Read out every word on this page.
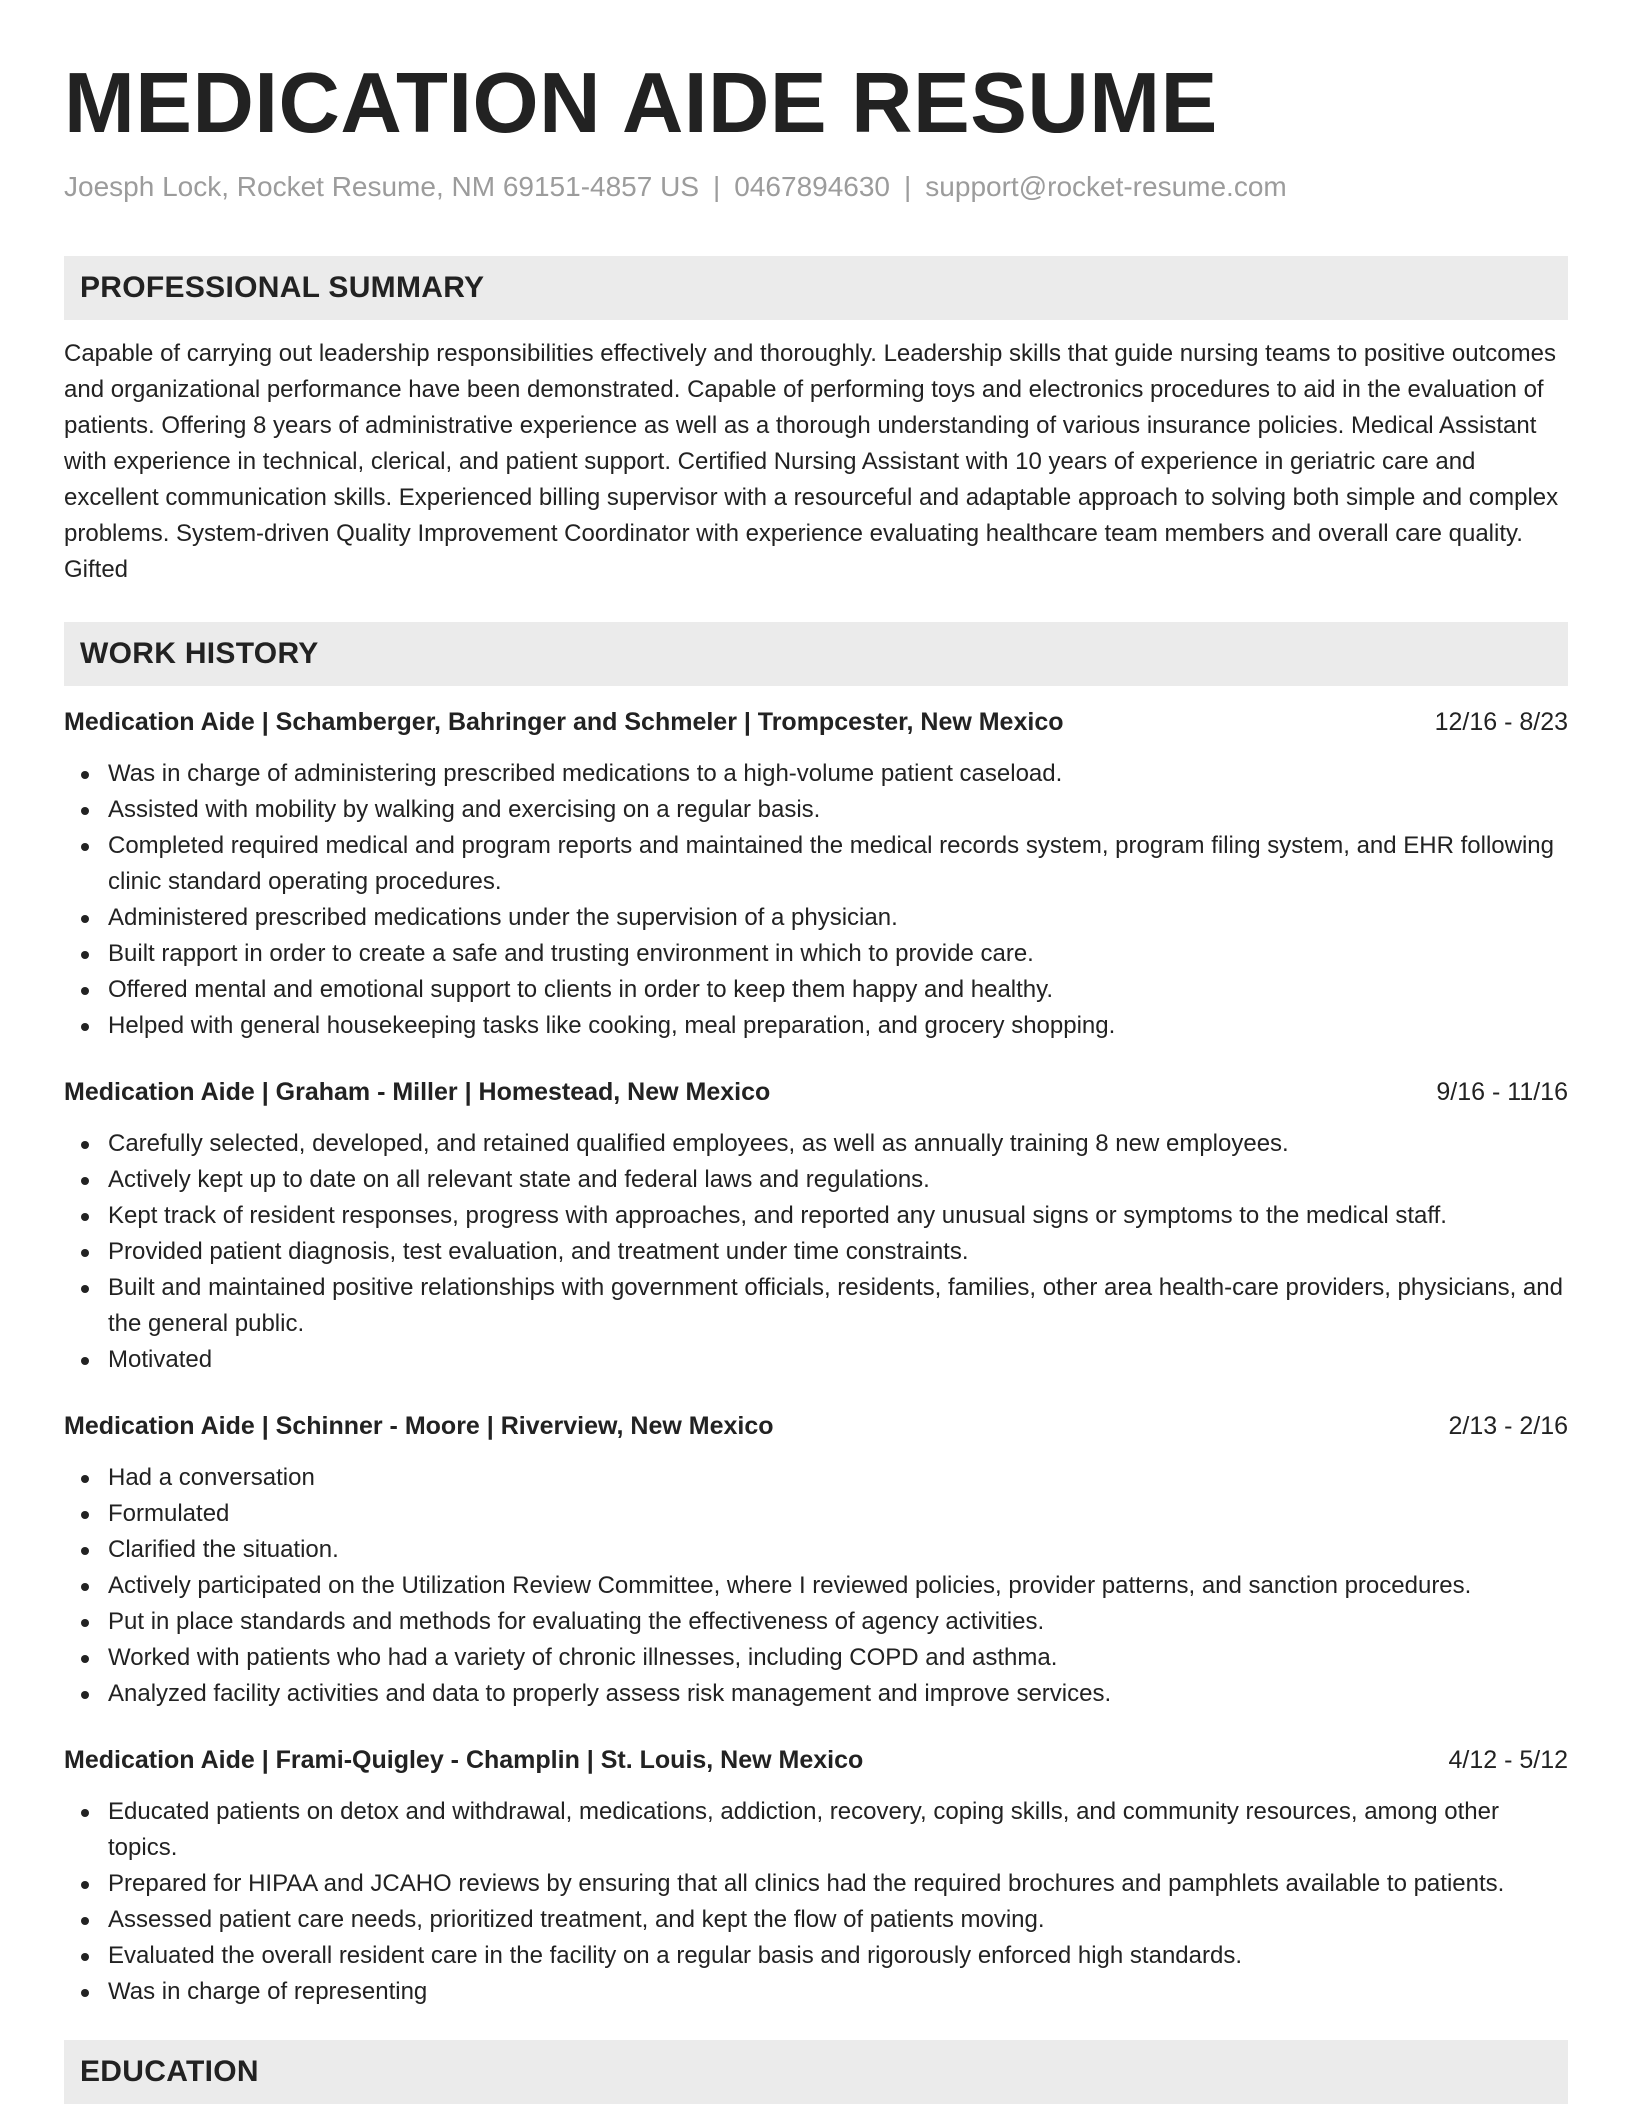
MEDICATION AIDE RESUME
Joesph Lock, Rocket Resume, NM 69151-4857 US | 0467894630 | support@rocket-resume.com
PROFESSIONAL SUMMARY

Capable of carrying out leadership responsibilities effectively and thoroughly. Leadership skills that guide nursing teams to positive outcomes and organizational performance have been demonstrated. Capable of performing toys and electronics procedures to aid in the evaluation of patients. Offering 8 years of administrative experience as well as a thorough understanding of various insurance policies. Medical Assistant with experience in technical, clerical, and patient support. Certified Nursing Assistant with 10 years of experience in geriatric care and excellent communication skills. Experienced billing supervisor with a resourceful and adaptable approach to solving both simple and complex problems. System-driven Quality Improvement Coordinator with experience evaluating healthcare team members and overall care quality. Gifted

WORK HISTORY
Medication Aide | Schamberger, Bahringer and Schmeler | Trompcester, New Mexico	12/16 - 8/23
Was in charge of administering prescribed medications to a high-volume patient caseload.
Assisted with mobility by walking and exercising on a regular basis.
Completed required medical and program reports and maintained the medical records system, program filing system, and EHR following clinic standard operating procedures.
Administered prescribed medications under the supervision of a physician.
Built rapport in order to create a safe and trusting environment in which to provide care.
Offered mental and emotional support to clients in order to keep them happy and healthy.
Helped with general housekeeping tasks like cooking, meal preparation, and grocery shopping.
Medication Aide | Graham - Miller | Homestead, New Mexico	9/16 - 11/16
Carefully selected, developed, and retained qualified employees, as well as annually training 8 new employees.
Actively kept up to date on all relevant state and federal laws and regulations.
Kept track of resident responses, progress with approaches, and reported any unusual signs or symptoms to the medical staff.
Provided patient diagnosis, test evaluation, and treatment under time constraints.
Built and maintained positive relationships with government officials, residents, families, other area health-care providers, physicians, and the general public.
Motivated
Medication Aide | Schinner - Moore | Riverview, New Mexico	2/13 - 2/16
Had a conversation
Formulated
Clarified the situation.
Actively participated on the Utilization Review Committee, where I reviewed policies, provider patterns, and sanction procedures.
Put in place standards and methods for evaluating the effectiveness of agency activities.
Worked with patients who had a variety of chronic illnesses, including COPD and asthma.
Analyzed facility activities and data to properly assess risk management and improve services.
Medication Aide | Frami-Quigley - Champlin | St. Louis, New Mexico	4/12 - 5/12
Educated patients on detox and withdrawal, medications, addiction, recovery, coping skills, and community resources, among other topics.
Prepared for HIPAA and JCAHO reviews by ensuring that all clinics had the required brochures and pamphlets available to patients.
Assessed patient care needs, prioritized treatment, and kept the flow of patients moving.
Evaluated the overall resident care in the facility on a regular basis and rigorously enforced high standards.
Was in charge of representing
EDUCATION
